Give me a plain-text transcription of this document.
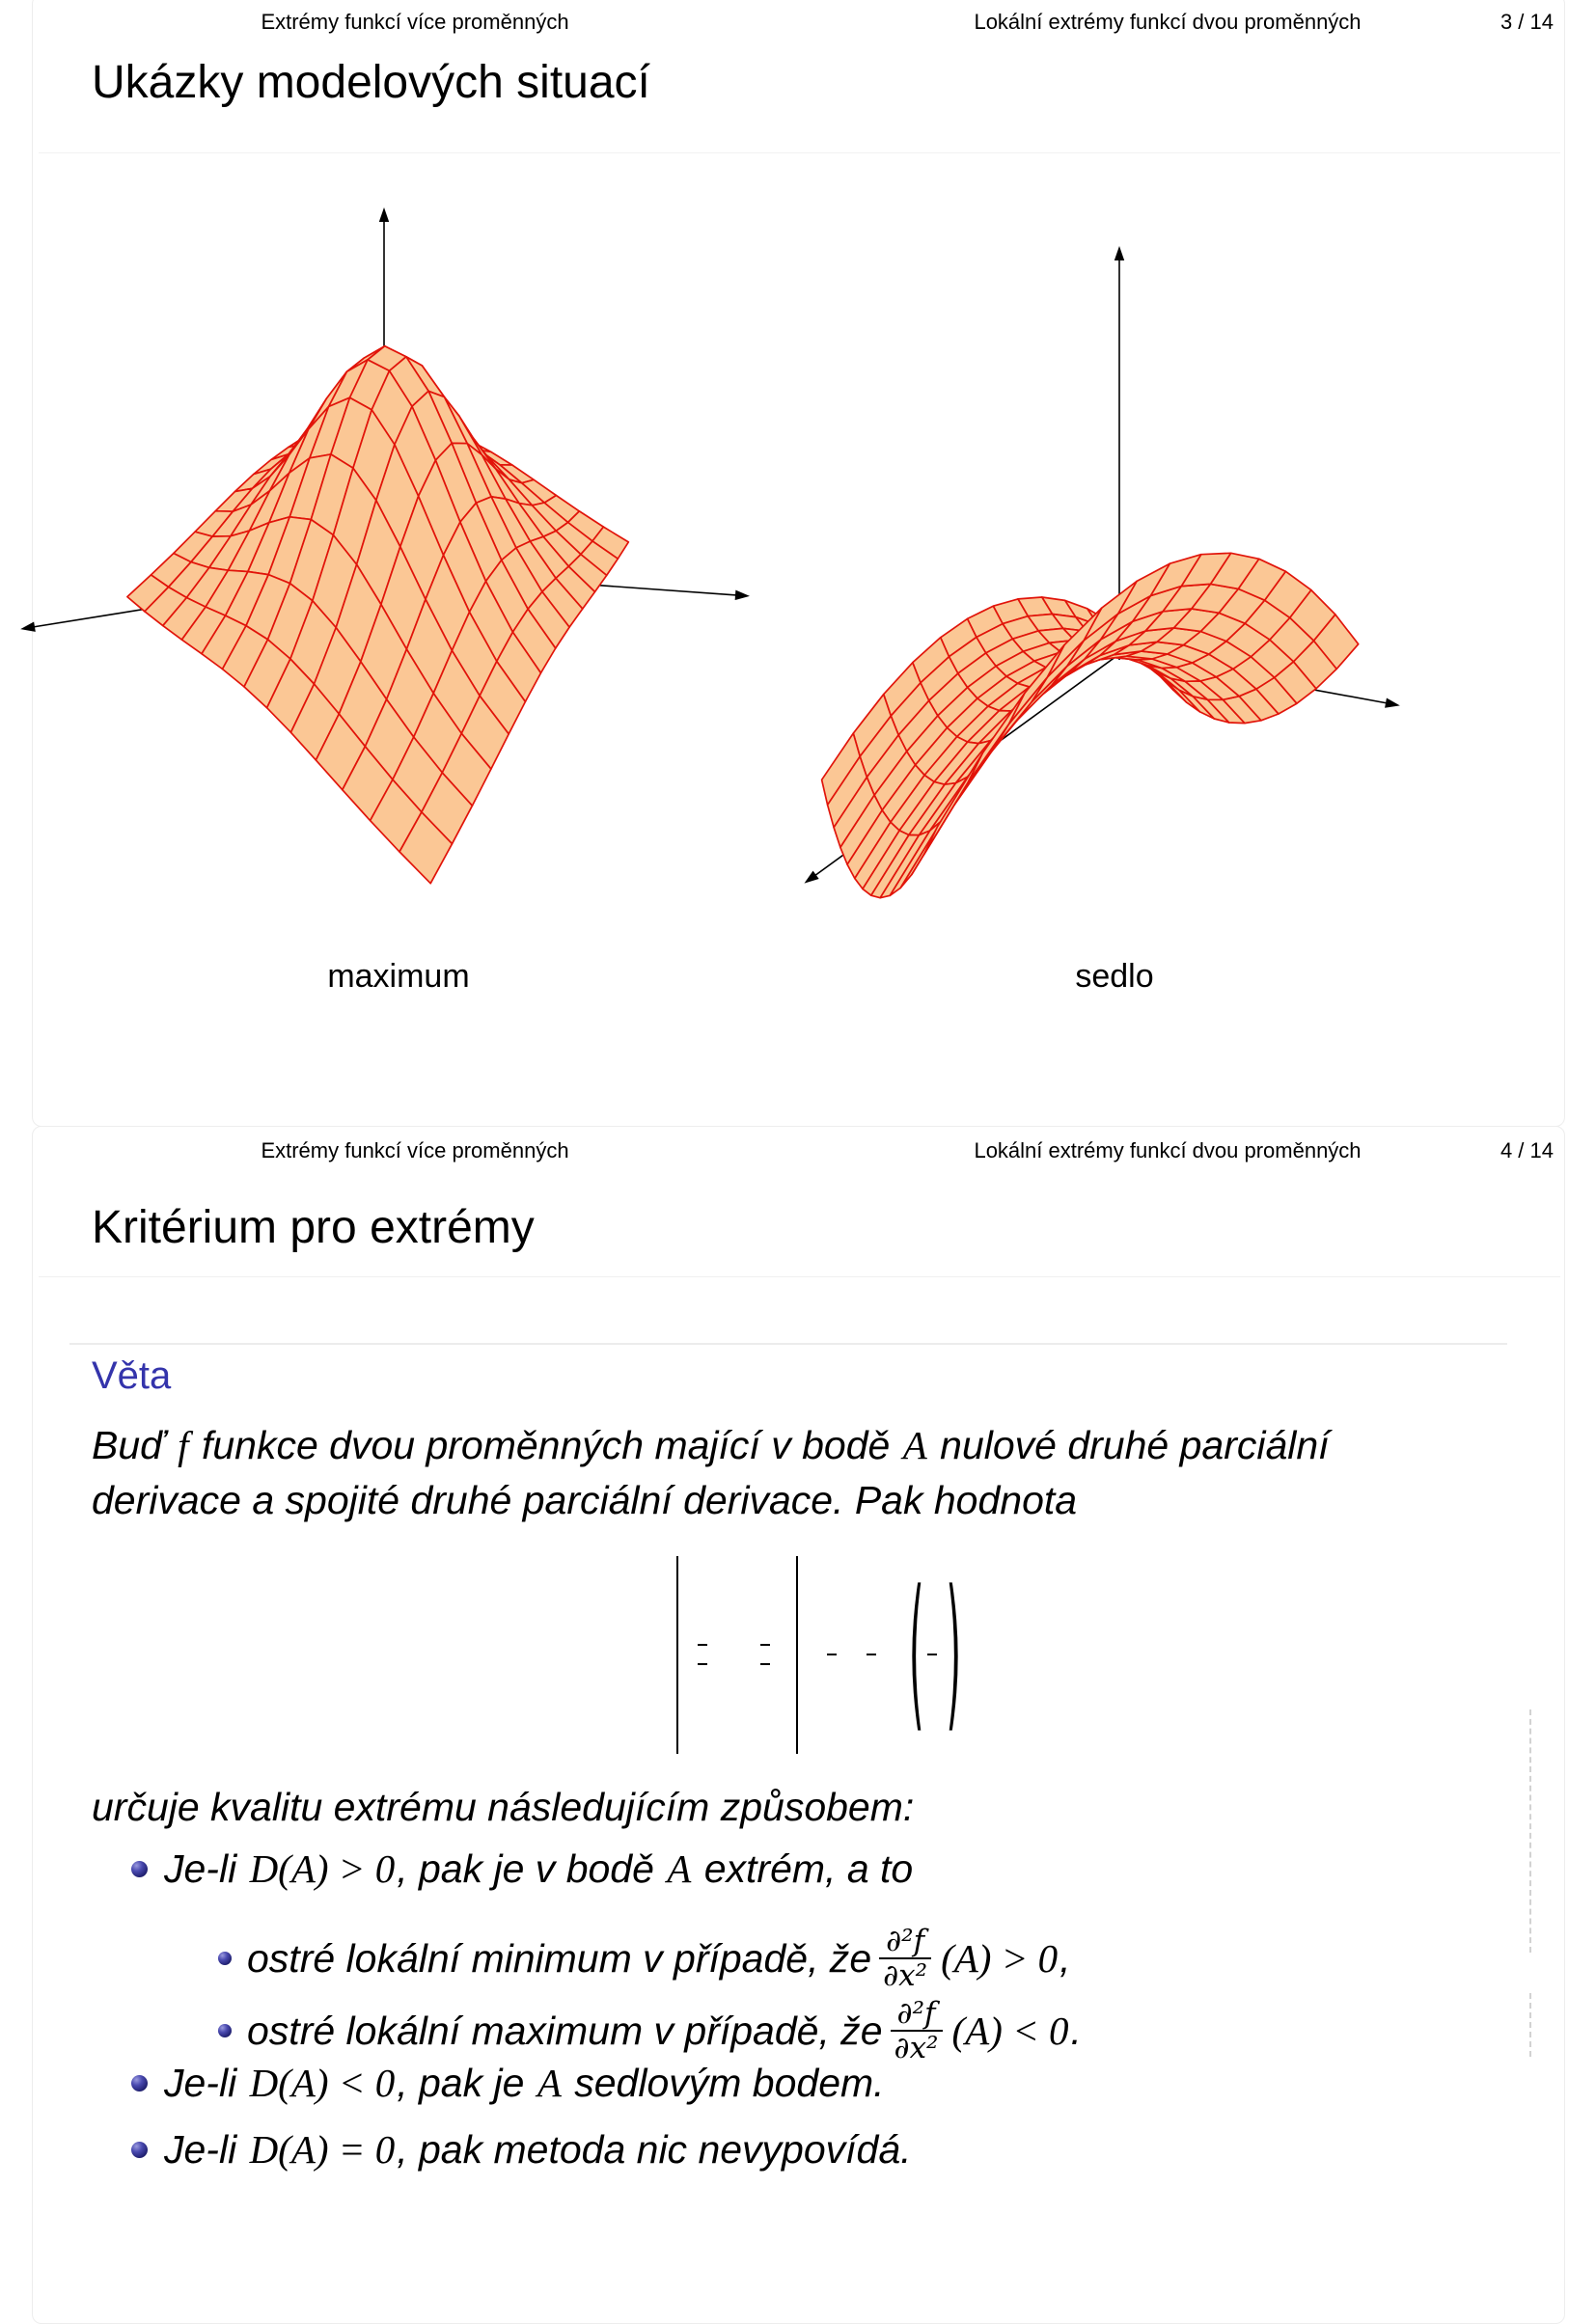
Extrémy funkcí více proměnných	Lokální extrémy funkcí dvou proměnných	3 / 14
Ukázky modelových situací
maximum	sedlo
Extrémy funkcí více proměnných	Lokální extrémy funkcí dvou proměnných	4 / 14
Kritérium pro extrémy
Věta
Buď f funkce dvou proměnných mající v bodě A nulové druhé parciální
derivace a spojité druhé parciální derivace. Pak hodnota
( )
určuje kvalitu extrému následujícím způsobem:
Je-li D(A) > 0, pak je v bodě A extrém, a to
ostré lokální minimum v případě, že ∂²f
∂x² (A) > 0 ,
ostré lokální maximum v případě, že ∂²f
∂x² (A) < 0 .
Je-li D(A) < 0, pak je A sedlovým bodem.
Je-li D(A) = 0, pak metoda nic nevypovídá.
